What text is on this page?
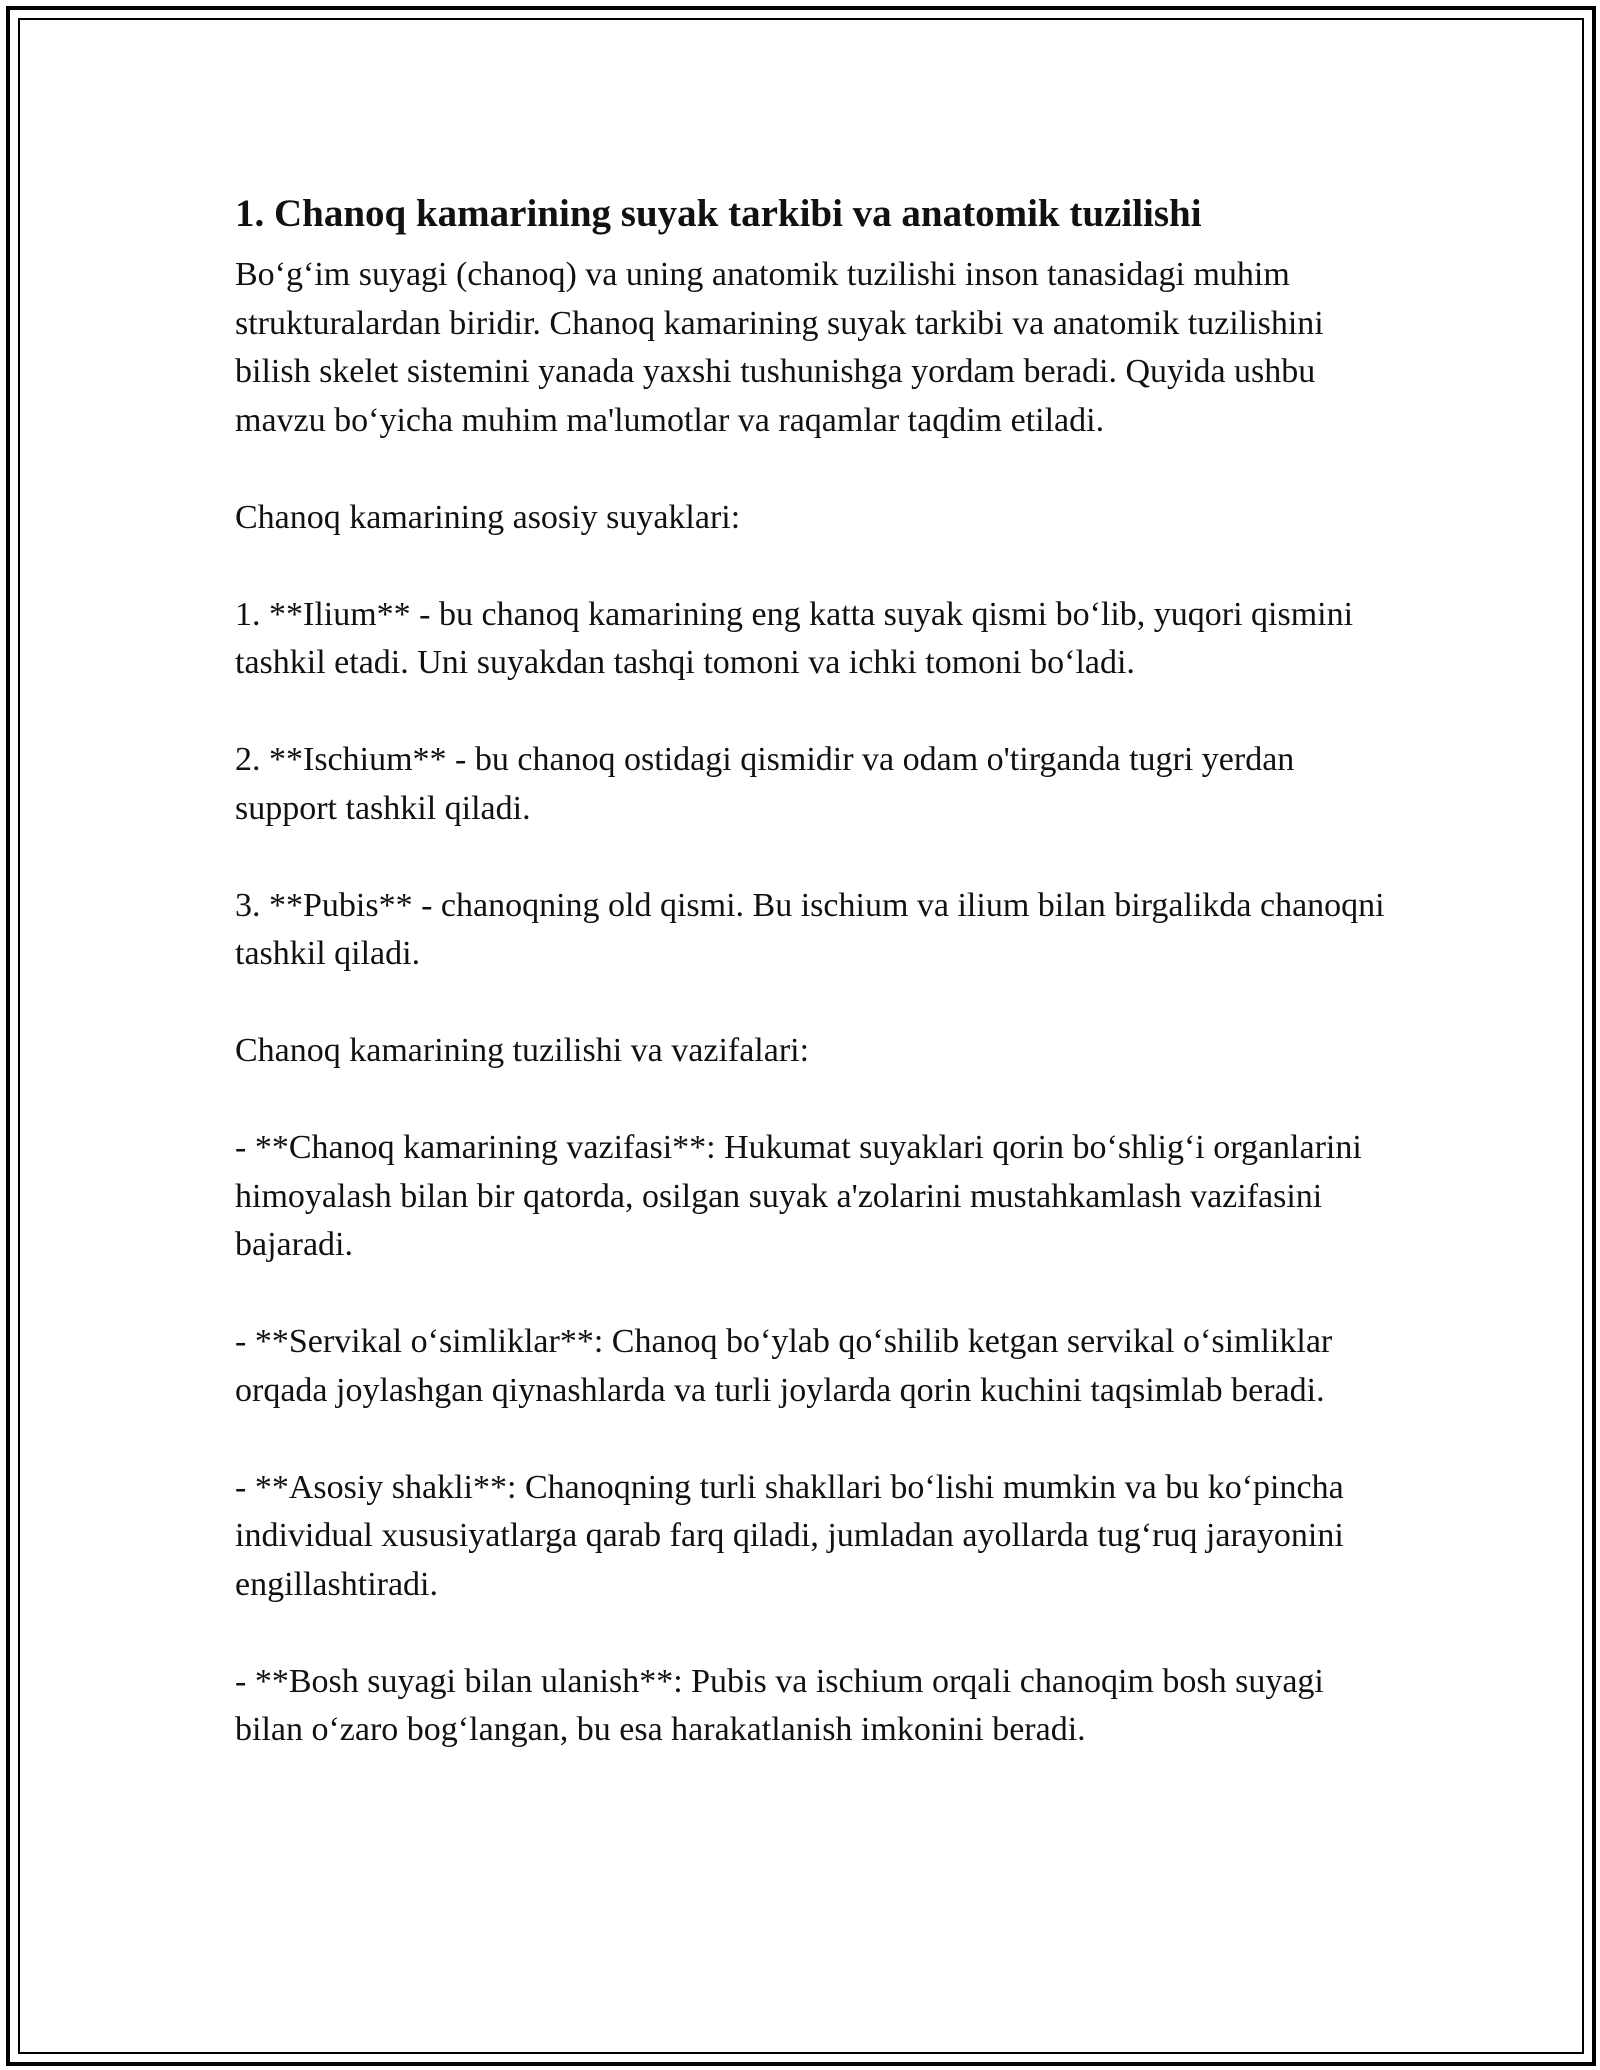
1. Chanoq kamarining suyak tarkibi va anatomik tuzilishi

Bo‘g‘im suyagi (chanoq) va uning anatomik tuzilishi inson tanasidagi muhim strukturalardan biridir. Chanoq kamarining suyak tarkibi va anatomik tuzilishini bilish skelet sistemini yanada yaxshi tushunishga yordam beradi. Quyida ushbu mavzu bo‘yicha muhim ma'lumotlar va raqamlar taqdim etiladi.

Chanoq kamarining asosiy suyaklari:

1. **Ilium** - bu chanoq kamarining eng katta suyak qismi bo‘lib, yuqori qismini tashkil etadi. Uni suyakdan tashqi tomoni va ichki tomoni bo‘ladi.

2. **Ischium** - bu chanoq ostidagi qismidir va odam o'tirganda tugri yerdan support tashkil qiladi.

3. **Pubis** - chanoqning old qismi. Bu ischium va ilium bilan birgalikda chanoqni tashkil qiladi.

Chanoq kamarining tuzilishi va vazifalari:

- **Chanoq kamarining vazifasi**: Hukumat suyaklari qorin bo‘shlig‘i organlarini himoyalash bilan bir qatorda, osilgan suyak a'zolarini mustahkamlash vazifasini bajaradi.

- **Servikal o‘simliklar**: Chanoq bo‘ylab qo‘shilib ketgan servikal o‘simliklar orqada joylashgan qiynashlarda va turli joylarda qorin kuchini taqsimlab beradi.

- **Asosiy shakli**: Chanoqning turli shakllari bo‘lishi mumkin va bu ko‘pincha individual xususiyatlarga qarab farq qiladi, jumladan ayollarda tug‘ruq jarayonini engillashtiradi.

- **Bosh suyagi bilan ulanish**: Pubis va ischium orqali chanoqim bosh suyagi bilan o‘zaro bog‘langan, bu esa harakatlanish imkonini beradi.
